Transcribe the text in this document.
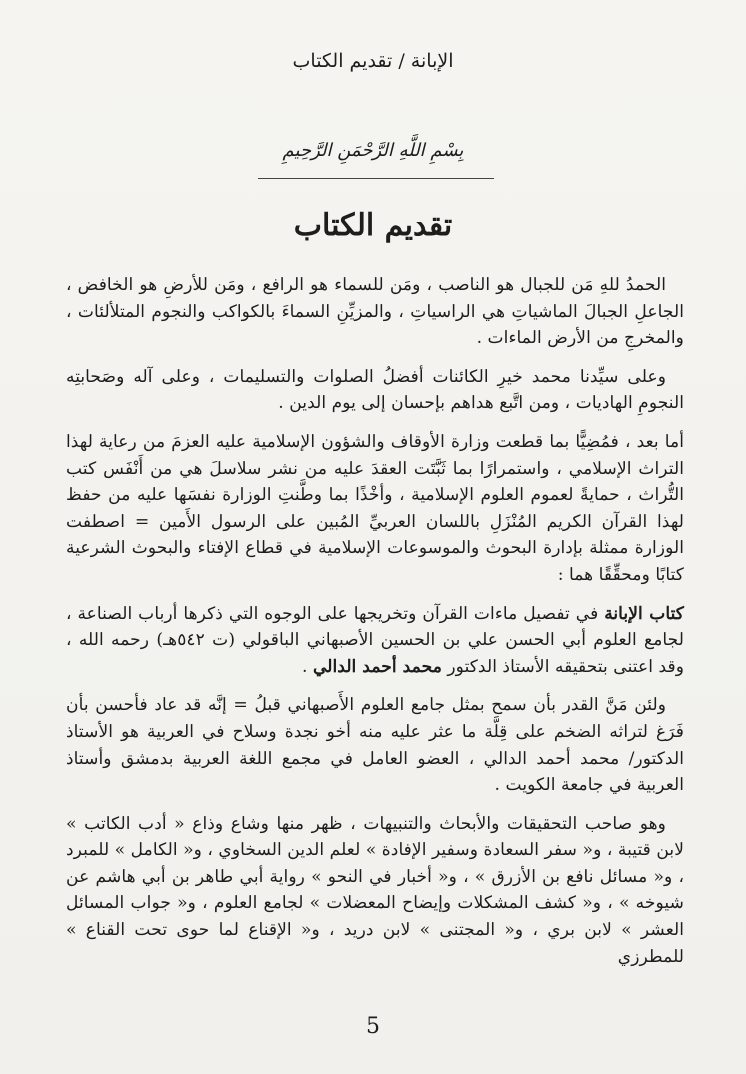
الإبانة / تقديم الكتاب
بِسْمِ اللَّهِ الرَّحْمَنِ الرَّحِيمِ
تقديم الكتاب

الحمدُ للهِ مَن للجبال هو الناصب ، ومَن للسماء هو الرافع ، ومَن للأرضِ هو الخافض ، الجاعلِ الجبالَ الماشياتِ هي الراسياتِ ، والمزيِّنِ السماءَ بالكواكب والنجوم المتلألئات ، والمخرجِ من الأرض الماءات .

وعلى سيِّدنا محمد خيرِ الكائنات أفضلُ الصلوات والتسليمات ، وعلى آله وصَحابتِه النجومِ الهاديات ، ومن اتَّبع هداهم بإحسان إلى يوم الدين .

أما بعد ، فمُضِيًّا بما قطعت وزارة الأوقاف والشؤون الإسلامية عليه العزمَ من رعاية لهذا التراث الإسلامي ، واستمرارًا بما ثَبَّتَت العقدَ عليه من نشر سلاسلَ هي من أَنْفَس كتب التُّراث ، حمايةً لعموم العلوم الإسلامية ، وأخْذًا بما وطَّنتِ الوزارة نفسَها عليه من حفظ لهذا القرآن الكريم المُنْزَلِ باللسان العربيِّ المُبين على الرسول الأَمين = اصطفت الوزارة ممثلة بإدارة البحوث والموسوعات الإسلامية في قطاع الإفتاء والبحوث الشرعية كتابًا ومحقِّقًا هما :

كتاب الإبانة في تفصيل ماءات القرآن وتخريجها على الوجوه التي ذكرها أرباب الصناعة ، لجامع العلوم أبي الحسن علي بن الحسين الأصبهاني الباقولي (ت ٥٤٢هـ) رحمه الله ، وقد اعتنى بتحقيقه الأستاذ الدكتور محمد أحمد الدالي .

ولئن مَنَّ القدر بأن سمح بمثل جامع العلوم الأَصبهاني قبلُ = إنَّه قد عاد فأحسن بأن فَرَغ لتراثه الضخم على قِلَّة ما عثر عليه منه أخو نجدة وسلاح في العربية هو الأستاذ الدكتور/ محمد أحمد الدالي ، العضو العامل في مجمع اللغة العربية بدمشق وأستاذ العربية في جامعة الكويت .

وهو صاحب التحقيقات والأبحاث والتنبيهات ، ظهر منها وشاع وذاع « أدب الكاتب » لابن قتيبة ، و« سفر السعادة وسفير الإفادة » لعلم الدين السخاوي ، و« الكامل » للمبرد ، و« مسائل نافع بن الأزرق » ، و« أخبار في النحو » رواية أبي طاهر بن أبي هاشم عن شيوخه » ، و« كشف المشكلات وإيضاح المعضلات » لجامع العلوم ، و« جواب المسائل العشر » لابن بري ، و« المجتنى » لابن دريد ، و« الإقناع لما حوى تحت القناع » للمطرزي

5
